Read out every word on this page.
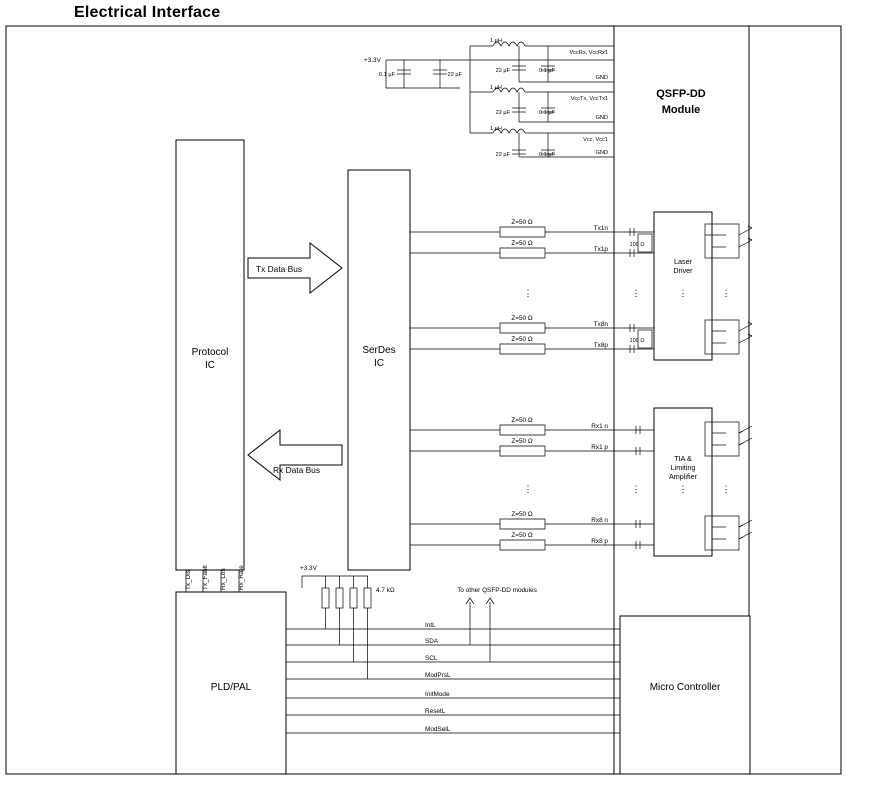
Electrical Interface
QSFP-DD
Module
Protocol
IC
SerDes
IC
Tx Data Bus
Rx Data Bus
+3.3V
0.1 µF	22 µF
1 µH
VccRx, VccRx1
22 µF	0.1 µF
GND
1 µH
VccTx, VccTx1
22 µF	0.1 µF
GND
1 µH
Vcc, Vcc1
22 µF	0.1 µF	GND
Laser
Driver
Z=50 Ω
Tx1n
Z=50 Ω
Tx1p
100 Ω
⋮	⋮	⋮	⋮
Z=50 Ω
Tx8n
Z=50 Ω
Tx8p
100 Ω
TIA &
Limiting
Amplifier
Z=50 Ω
Rx1 n
Z=50 Ω
Rx1 p
⋮	⋮	⋮	⋮
Z=50 Ω
Rx8 n
Z=50 Ω
Rx8 p
PLD/PAL	Micro Controller
Tx_Dis Tx_Fault Rx_Los Rx_Rate	+3.3V
4.7 kΩ	To other QSFP-DD modules
IntL
SDA
SCL
ModPrsL
InitMode
ResetL
ModSelL
